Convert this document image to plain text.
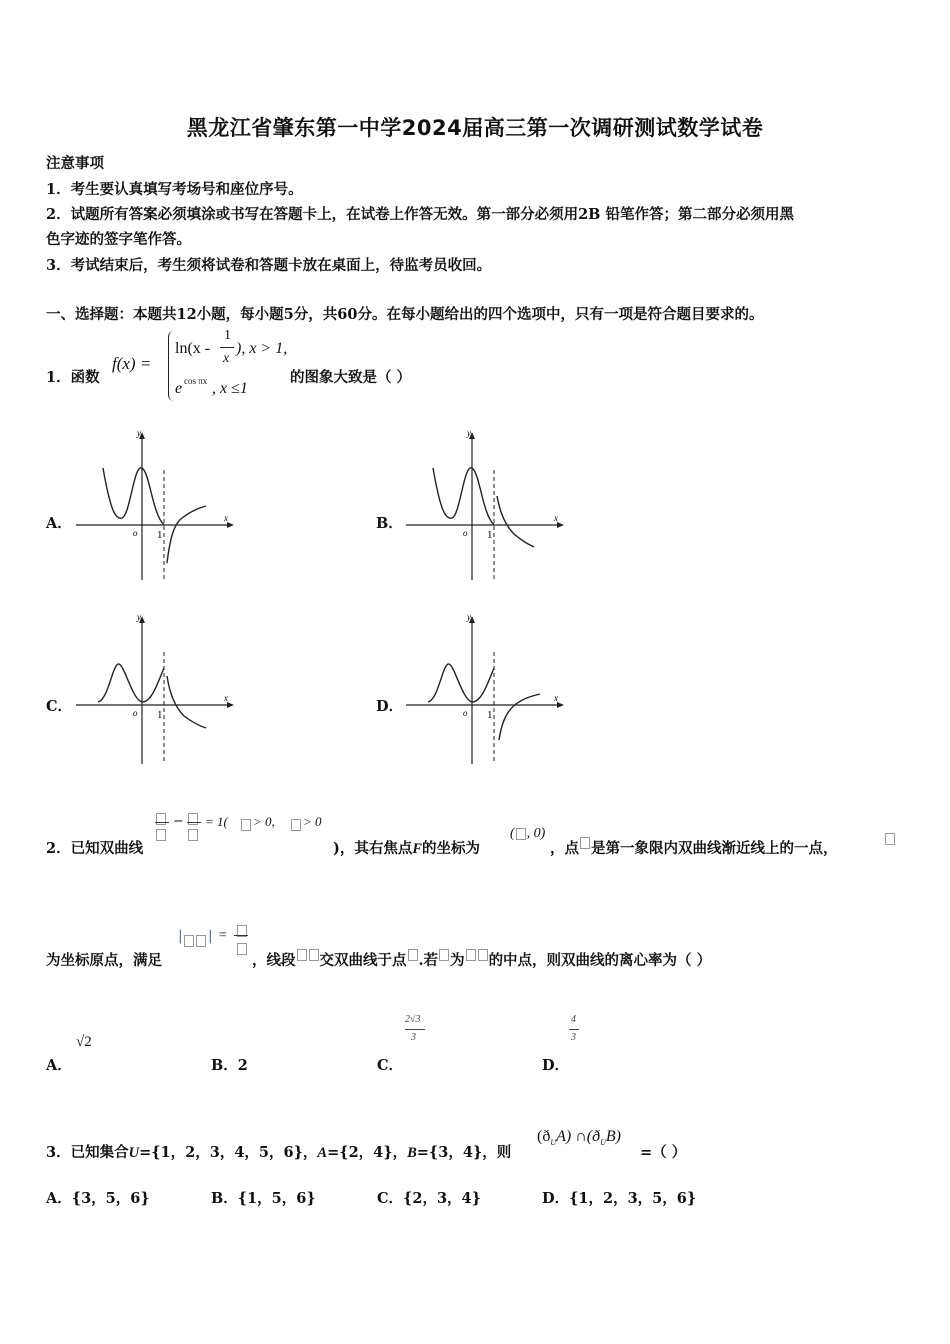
黑龙江省肇东第一中学2024届高三第一次调研测试数学试卷
注意事项
1．考生要认真填写考场号和座位序号。
2．试题所有答案必须填涂或书写在答题卡上，在试卷上作答无效。第一部分必须用2B 铅笔作答；第二部分必须用黑
色字迹的签字笔作答。
3．考试结束后，考生须将试卷和答题卡放在桌面上，待监考员收回。
一、选择题：本题共12小题，每小题5分，共60分。在每小题给出的四个选项中，只有一项是符合题目要求的。
1．函数
f(x) =
ln(x -
1
x
), x > 1,
e cos πx , x ≤1
的图象大致是（ ）
A．	B．
C．	D．
y
x
o 1
y
x
o 1
y
x
o 1
y
x
o 1
2．已知双曲线
− = 1( > 0, > 0
)，其右焦点F的坐标为
( , 0)
，点 是第一象限内双曲线渐近线上的一点，
为坐标原点，满足
| | =
，线段 交双曲线于点 .若 为 的中点，则双曲线的离心率为（ ）
A．
√2
B．2	C．
2√3
3
D．
4
3
3．已知集合U={1，2，3，4，5，6}，A={2，4}，B={3，4}，则
$(ð_UA)$ $\cap(ð_UB)$
=（ ）
A．{3，5，6}	B．{1，5，6}	C．{2，3，4}	D．{1，2，3，5，6}
